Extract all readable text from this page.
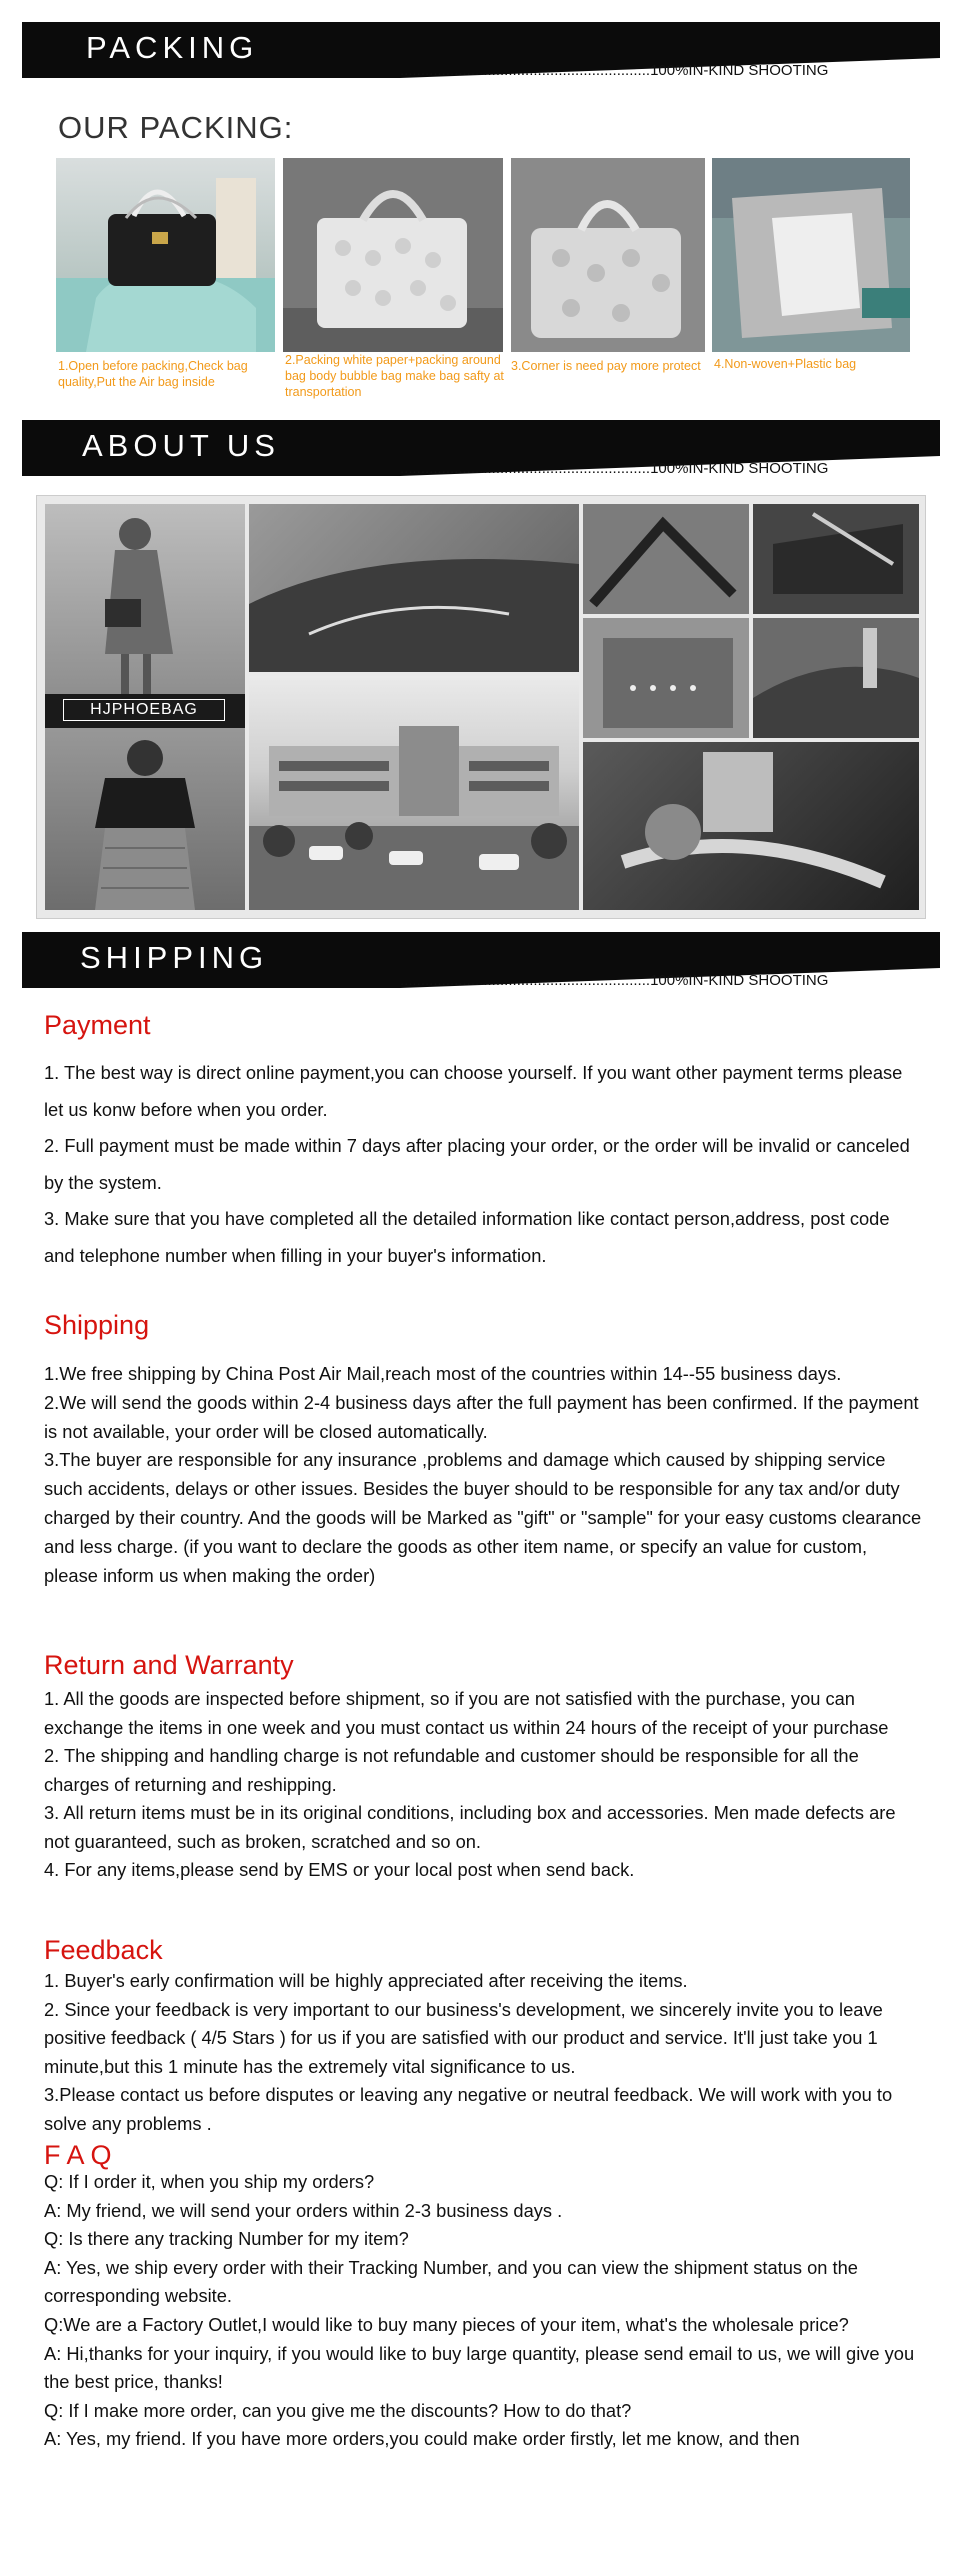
PACKING
............................................................100%IN-KIND SHOOTING
OUR PACKING:
1.Open before packing,Check bag quality,Put the Air bag inside
2.Packing white paper+packing around bag body bubble bag make bag safty at transportation
3.Corner is need pay more protect	4.Non-woven+Plastic bag
ABOUT US
............................................................100%IN-KIND SHOOTING
HJPHOEBAG
SHIPPING
............................................................100%IN-KIND SHOOTING
Payment

1. The best way is direct online payment,you can choose yourself. If you want other payment terms please let us konw before when you order.

2. Full payment must be made within 7 days after placing your order, or the order will be invalid or canceled by the system.

3. Make sure that you have completed all the detailed information like contact person,address, post code and telephone number when filling in your buyer's information.

Shipping

1.We free shipping by China Post Air Mail,reach most of the countries within 14--55 business days.

2.We will send the goods within 2-4 business days after the full payment has been confirmed. If the payment is not available, your order will be closed automatically.

3.The buyer are responsible for any insurance ,problems and damage which caused by shipping service such accidents, delays or other issues. Besides the buyer should to be responsible for any tax and/or duty charged by their country. And the goods will be Marked as "gift" or "sample" for your easy customs clearance and less charge. (if you want to declare the goods as other item name, or specify an value for custom, please inform us when making the order)

Return and Warranty

1. All the goods are inspected before shipment, so if you are not satisfied with the purchase, you can exchange the items in one week and you must contact us within 24 hours of the receipt of your purchase

2. The shipping and handling charge is not refundable and customer should be responsible for all the charges of returning and reshipping.

3. All return items must be in its original conditions, including box and accessories. Men made defects are not guaranteed, such as broken, scratched and so on.

4. For any items,please send by EMS or your local post when send back.

Feedback

1. Buyer's early confirmation will be highly appreciated after receiving the items.

2. Since your feedback is very important to our business's development, we sincerely invite you to leave positive feedback ( 4/5 Stars ) for us if you are satisfied with our product and service. It'll just take you 1 minute,but this 1 minute has the extremely vital significance to us.

3.Please contact us before disputes or leaving any negative or neutral feedback. We will work with you to solve any problems .

F A Q

Q: If I order it, when you ship my orders?

A: My friend, we will send your orders within 2-3 business days .

Q: Is there any tracking Number for my item?

A: Yes, we ship every order with their Tracking Number, and you can view the shipment status on the corresponding website.

Q:We are a Factory Outlet,I would like to buy many pieces of your item, what's the wholesale price?

A: Hi,thanks for your inquiry, if you would like to buy large quantity, please send email to us, we will give you the best price, thanks!

Q: If I make more order, can you give me the discounts? How to do that?

A: Yes, my friend. If you have more orders,you could make order firstly, let me know, and then
